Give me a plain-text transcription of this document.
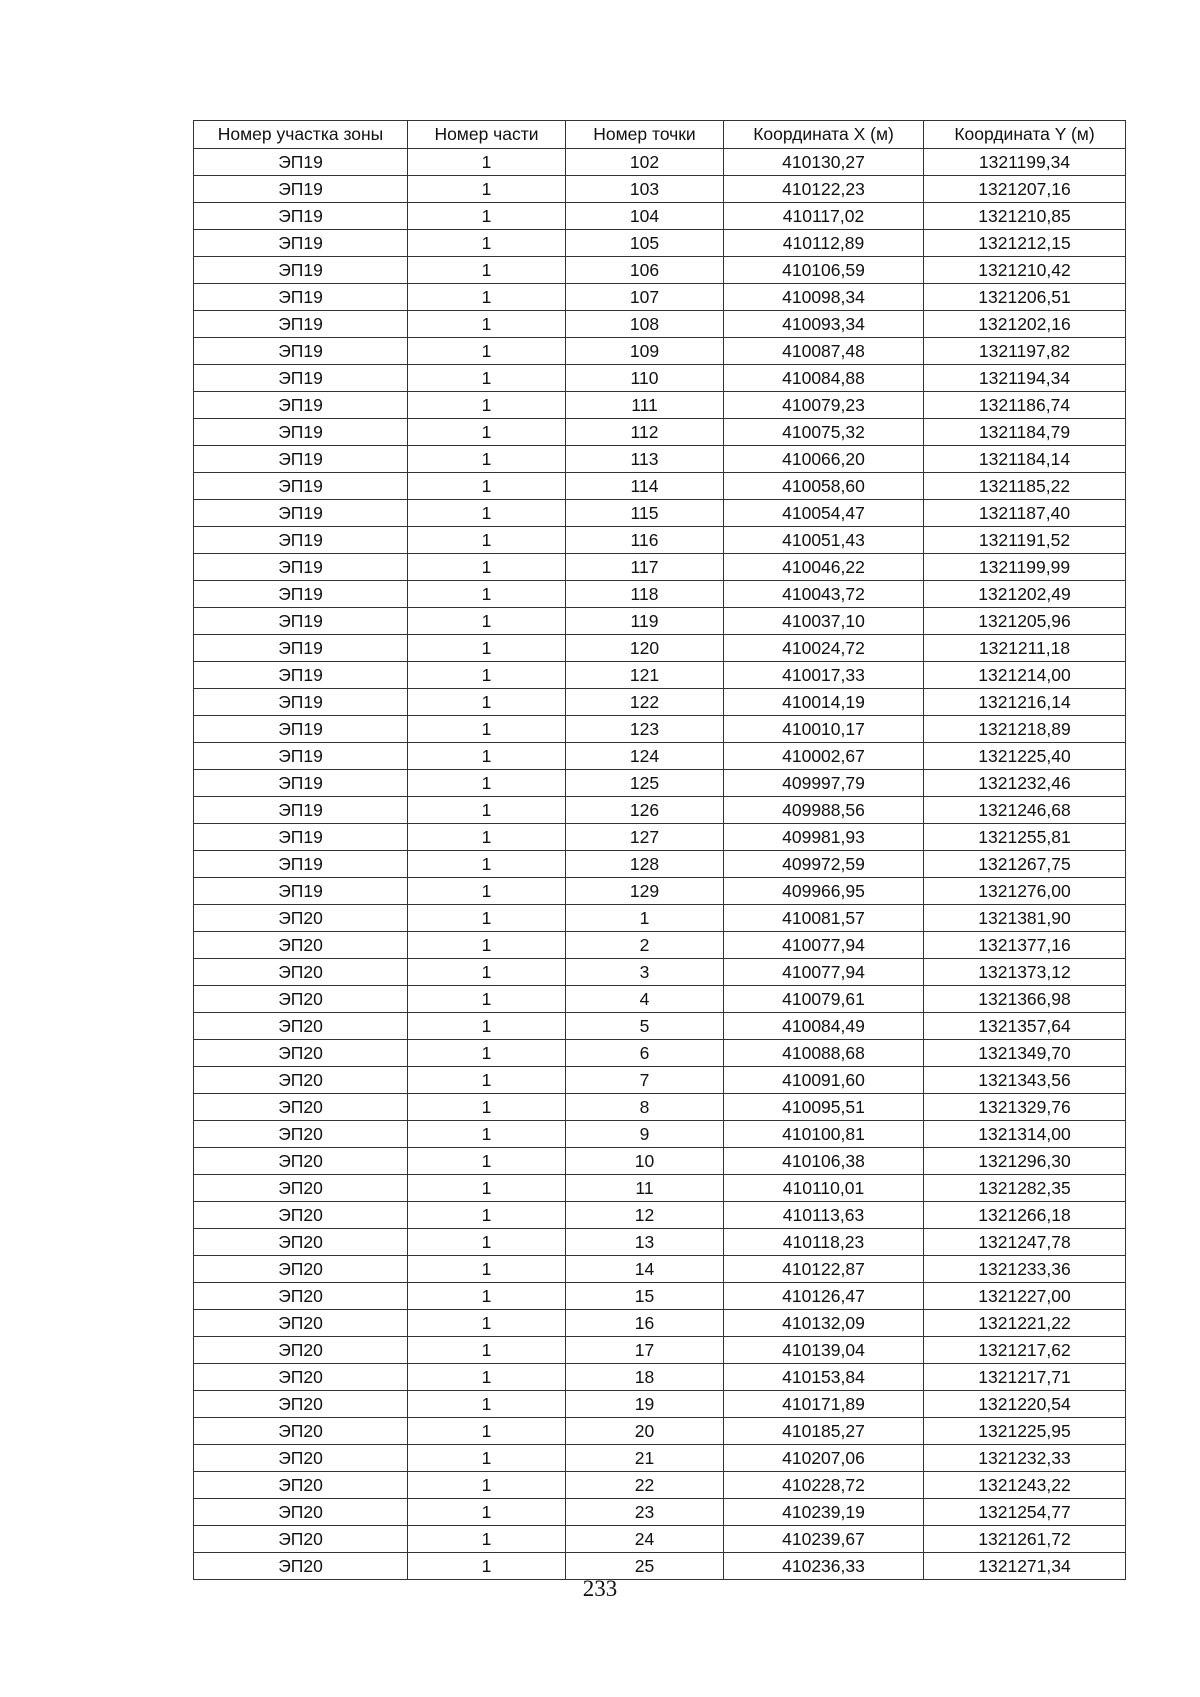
Номер участка зоны	Номер части	Номер точки	Координата X (м)	Координата Y (м)
ЭП19	1	102	410130,27	1321199,34
ЭП19	1	103	410122,23	1321207,16
ЭП19	1	104	410117,02	1321210,85
ЭП19	1	105	410112,89	1321212,15
ЭП19	1	106	410106,59	1321210,42
ЭП19	1	107	410098,34	1321206,51
ЭП19	1	108	410093,34	1321202,16
ЭП19	1	109	410087,48	1321197,82
ЭП19	1	110	410084,88	1321194,34
ЭП19	1	111	410079,23	1321186,74
ЭП19	1	112	410075,32	1321184,79
ЭП19	1	113	410066,20	1321184,14
ЭП19	1	114	410058,60	1321185,22
ЭП19	1	115	410054,47	1321187,40
ЭП19	1	116	410051,43	1321191,52
ЭП19	1	117	410046,22	1321199,99
ЭП19	1	118	410043,72	1321202,49
ЭП19	1	119	410037,10	1321205,96
ЭП19	1	120	410024,72	1321211,18
ЭП19	1	121	410017,33	1321214,00
ЭП19	1	122	410014,19	1321216,14
ЭП19	1	123	410010,17	1321218,89
ЭП19	1	124	410002,67	1321225,40
ЭП19	1	125	409997,79	1321232,46
ЭП19	1	126	409988,56	1321246,68
ЭП19	1	127	409981,93	1321255,81
ЭП19	1	128	409972,59	1321267,75
ЭП19	1	129	409966,95	1321276,00
ЭП20	1	1	410081,57	1321381,90
ЭП20	1	2	410077,94	1321377,16
ЭП20	1	3	410077,94	1321373,12
ЭП20	1	4	410079,61	1321366,98
ЭП20	1	5	410084,49	1321357,64
ЭП20	1	6	410088,68	1321349,70
ЭП20	1	7	410091,60	1321343,56
ЭП20	1	8	410095,51	1321329,76
ЭП20	1	9	410100,81	1321314,00
ЭП20	1	10	410106,38	1321296,30
ЭП20	1	11	410110,01	1321282,35
ЭП20	1	12	410113,63	1321266,18
ЭП20	1	13	410118,23	1321247,78
ЭП20	1	14	410122,87	1321233,36
ЭП20	1	15	410126,47	1321227,00
ЭП20	1	16	410132,09	1321221,22
ЭП20	1	17	410139,04	1321217,62
ЭП20	1	18	410153,84	1321217,71
ЭП20	1	19	410171,89	1321220,54
ЭП20	1	20	410185,27	1321225,95
ЭП20	1	21	410207,06	1321232,33
ЭП20	1	22	410228,72	1321243,22
ЭП20	1	23	410239,19	1321254,77
ЭП20	1	24	410239,67	1321261,72
ЭП20	1	25	410236,33	1321271,34
233
